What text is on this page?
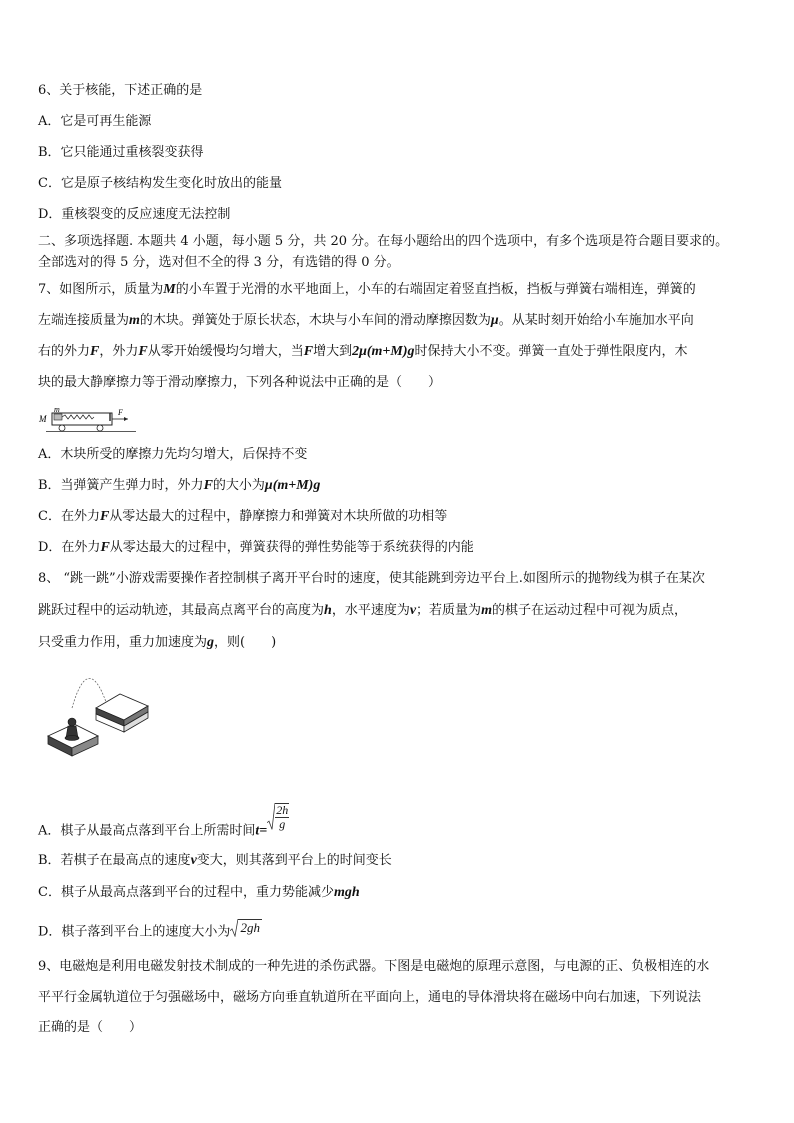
6、关于核能，下述正确的是
A．它是可再生能源
B．它只能通过重核裂变获得
C．它是原子核结构发生变化时放出的能量
D．重核裂变的反应速度无法控制
二、多项选择题. 本题共 4 小题，每小题 5 分，共 20 分。在每小题给出的四个选项中，有多个选项是符合题目要求的。
全部选对的得 5 分，选对但不全的得 3 分，有选错的得 0 分。
7、如图所示，质量为M的小车置于光滑的水平地面上，小车的右端固定着竖直挡板，挡板与弹簧右端相连，弹簧的
左端连接质量为m的木块。弹簧处于原长状态，木块与小车间的滑动摩擦因数为μ。从某时刻开始给小车施加水平向
右的外力F，外力F从零开始缓慢均匀增大，当F增大到2μ(m+M)g时保持大小不变。弹簧一直处于弹性限度内，木
块的最大静摩擦力等于滑动摩擦力，下列各种说法中正确的是（　　）
M
m	F
A．木块所受的摩擦力先均匀增大，后保持不变
B．当弹簧产生弹力时，外力F的大小为μ(m+M)g
C．在外力F从零达最大的过程中，静摩擦力和弹簧对木块所做的功相等
D．在外力F从零达最大的过程中，弹簧获得的弹性势能等于系统获得的内能
8、 “跳一跳”小游戏需要操作者控制棋子离开平台时的速度，使其能跳到旁边平台上.如图所示的抛物线为棋子在某次
跳跃过程中的运动轨迹，其最高点离平台的高度为h，水平速度为v；若质量为m的棋子在运动过程中可视为质点，
只受重力作用，重力加速度为g，则(　　)
A．棋子从最高点落到平台上所需时间$t= \frac{2h}{g}$
B．若棋子在最高点的速度v变大，则其落到平台上的时间变长
C．棋子从最高点落到平台的过程中，重力势能减少mgh
D．棋子落到平台上的速度大小为 2gh
9、电磁炮是利用电磁发射技术制成的一种先进的杀伤武器。下图是电磁炮的原理示意图，与电源的正、负极相连的水
平平行金属轨道位于匀强磁场中，磁场方向垂直轨道所在平面向上，通电的导体滑块将在磁场中向右加速，下列说法
正确的是（　　）
